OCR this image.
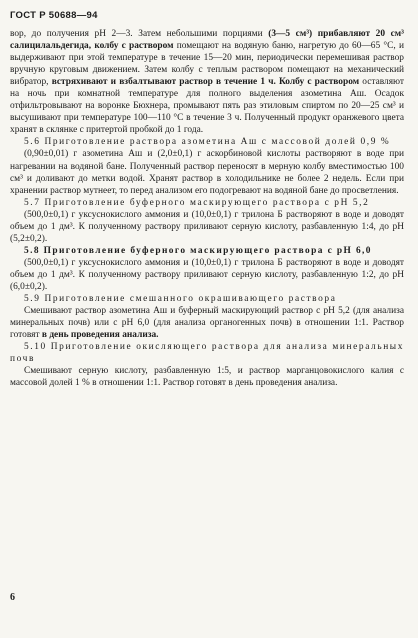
ГОСТ Р 50688—94

вор, до получения pH 2—3. Затем небольшими порциями (3—5 см³) прибавляют 20 см³ салицилальдегида, колбу с раствором помещают на водяную баню, нагретую до 60—65 °C, и выдерживают при этой температуре в течение 15—20 мин, периодически перемешивая раствор вручную круговым движением. Затем колбу с теплым раствором помещают на механический вибратор, встряхивают и взбалтывают раствор в течение 1 ч. Колбу с раствором оставляют на ночь при комнатной температуре для полного выделения азометина Аш. Осадок отфильтровывают на воронке Бюхнера, промывают пять раз этиловым спиртом по 20—25 см³ и высушивают при температуре 100—110 °C в течение 3 ч. Полученный продукт оранжевого цвета хранят в склянке с притертой пробкой до 1 года.

5.6 Приготовление раствора азометина Аш с массовой долей 0,9 %

(0,90±0,01) г азометина Аш и (2,0±0,1) г аскорбиновой кислоты растворяют в воде при нагревании на водяной бане. Полученный раствор переносят в мерную колбу вместимостью 100 см³ и доливают до метки водой. Хранят раствор в холодильнике не более 2 недель. Если при хранении раствор мутнеет, то перед анализом его подогревают на водяной бане до просветления.

5.7 Приготовление буферного маскирующего раствора с pH 5,2

(500,0±0,1) г уксуснокислого аммония и (10,0±0,1) г трилона Б растворяют в воде и доводят объем до 1 дм³. К полученному раствору приливают серную кислоту, разбавленную 1:4, до pH (5,2±0,2).

5.8 Приготовление буферного маскирующего раствора с pH 6,0

(500,0±0,1) г уксуснокислого аммония и (10,0±0,1) г трилона Б растворяют в воде и доводят объем до 1 дм³. К полученному раствору приливают серную кислоту, разбавленную 1:2, до pH (6,0±0,2).

5.9 Приготовление смешанного окрашивающего раствора

Смешивают раствор азометина Аш и буферный маскирующий раствор с pH 5,2 (для анализа минеральных почв) или с pH 6,0 (для анализа органогенных почв) в отношении 1:1. Раствор готовят в день проведения анализа.

5.10 Приготовление окисляющего раствора для анализа минеральных почв

Смешивают серную кислоту, разбавленную 1:5, и раствор марганцовокислого калия с массовой долей 1 % в отношении 1:1. Раствор готовят в день проведения анализа.

6
